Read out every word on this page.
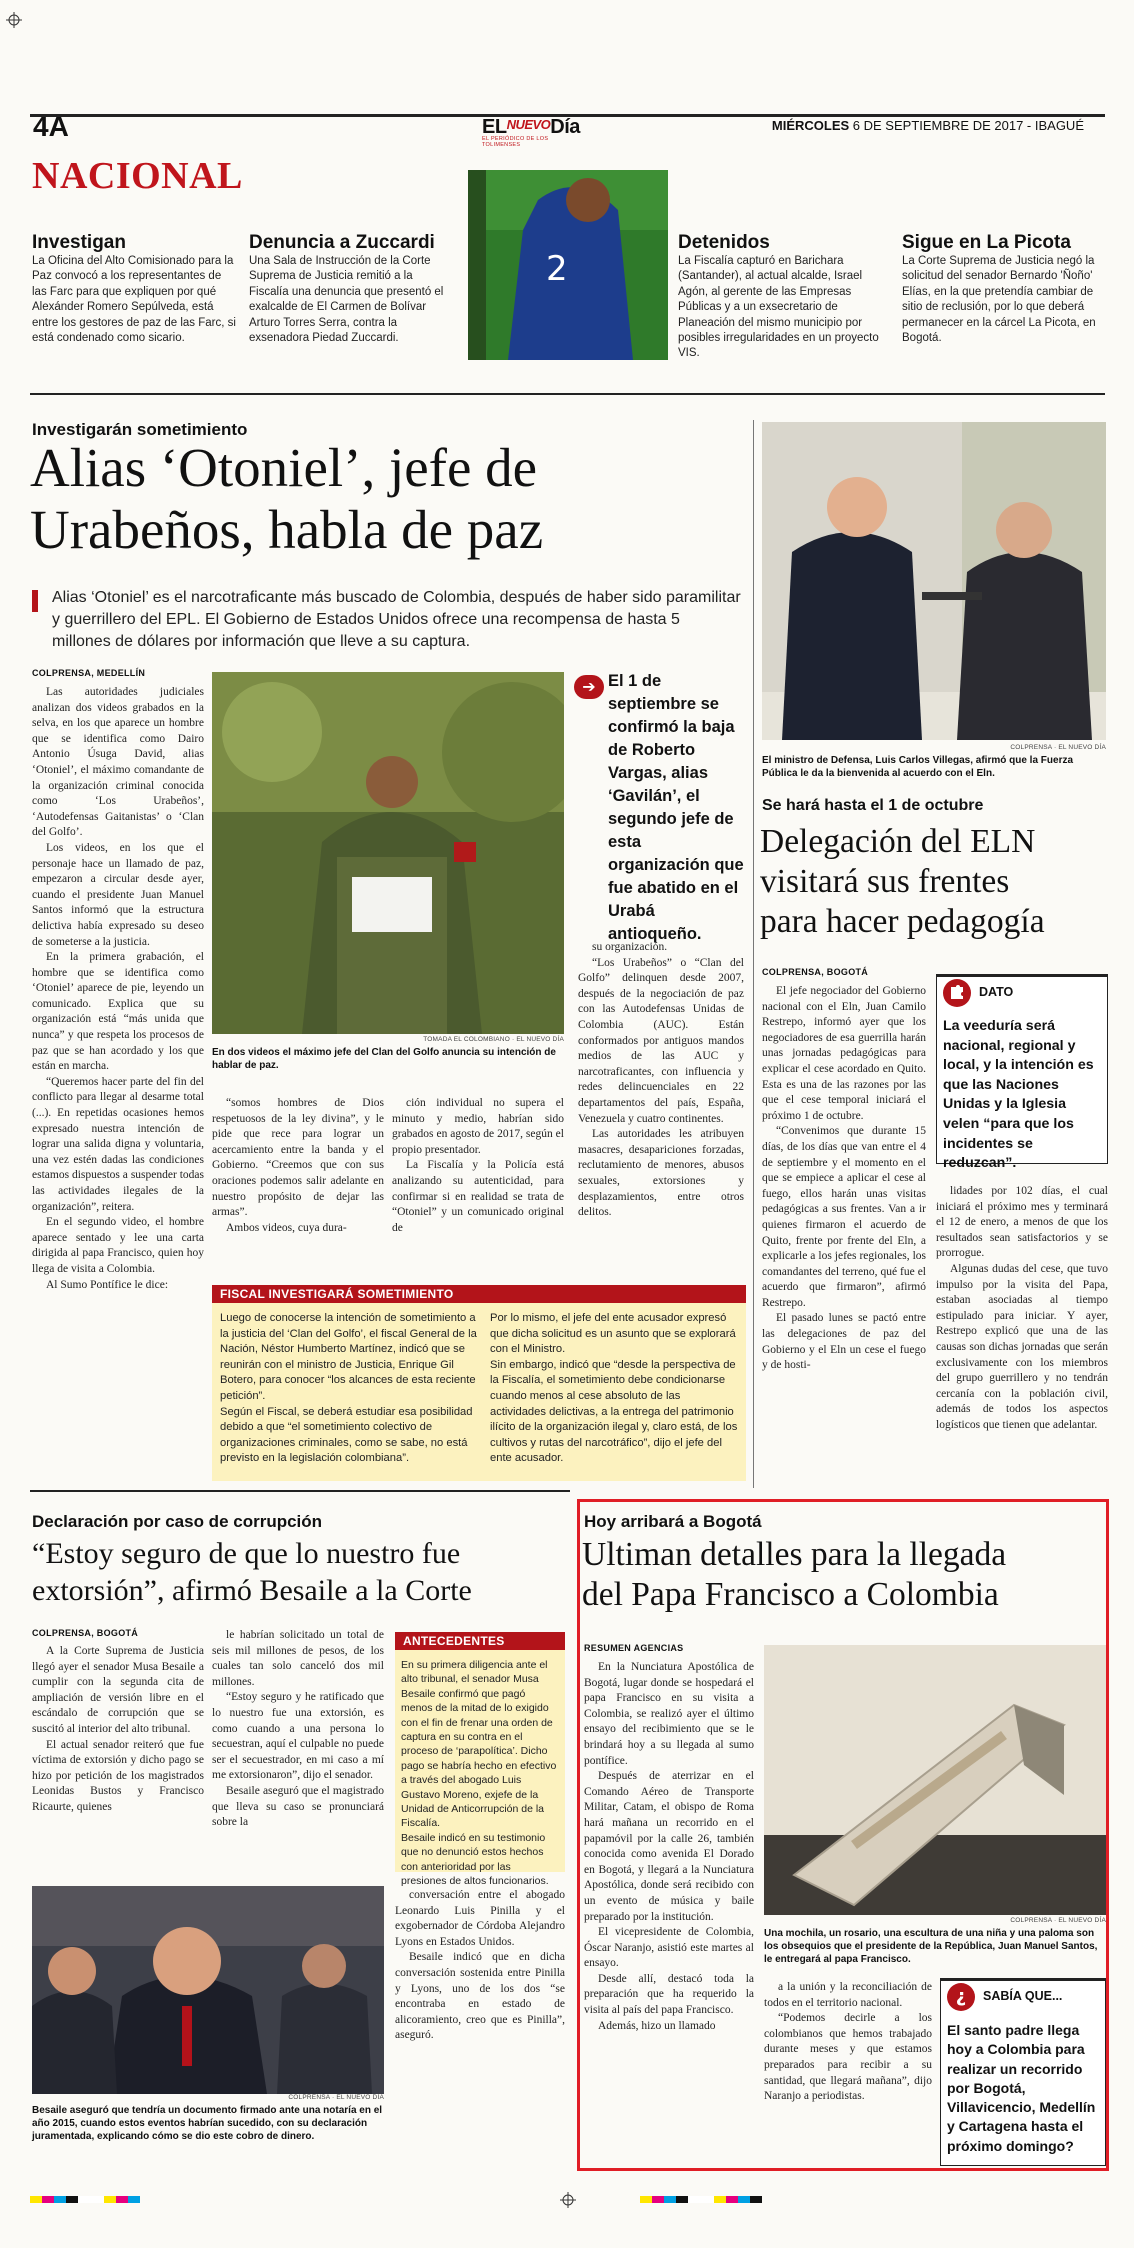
4A	$EL^{NUEVO}Día$
EL PERIÓDICO DE LOS TOLIMENSES
MIÉRCOLES 6 DE SEPTIEMBRE DE 2017 - IBAGUÉ
NACIONAL
Investigan
La Oficina del Alto Comisionado para la Paz convocó a los representantes de las Farc para que expliquen por qué Alexánder Romero Sepúlveda, está entre los gestores de paz de las Farc, si está condenado como sicario.
Denuncia a Zuccardi
Una Sala de Instrucción de la Corte Suprema de Justicia remitió a la Fiscalía una denuncia que presentó el exalcalde de El Carmen de Bolívar Arturo Torres Serra, contra la exsenadora Piedad Zuccardi.
2
Detenidos
La Fiscalía capturó en Barichara (Santander), al actual alcalde, Israel Agón, al gerente de las Empresas Públicas y a un exsecretario de Planeación del mismo municipio por posibles irregularidades en un proyecto VIS.
Sigue en La Picota
La Corte Suprema de Justicia negó la solicitud del senador Bernardo 'Ñoño' Elías, en la que pretendía cambiar de sitio de reclusión, por lo que deberá permanecer en la cárcel La Picota, en Bogotá.
Investigarán sometimiento
Alias ‘Otoniel’, jefe de
Urabeños, habla de paz
Alias ‘Otoniel’ es el narcotraficante más buscado de Colombia, después de haber sido paramilitar y guerrillero del EPL. El Gobierno de Estados Unidos ofrece una recompensa de hasta 5 millones de dólares por información que lleve a su captura.
COLPRENSA, MEDELLÍN

Las autoridades judiciales analizan dos videos grabados en la selva, en los que aparece un hombre que se identifica como Dairo Antonio Úsuga David, alias ‘Otoniel’, el máximo comandante de la organización criminal conocida como ‘Los Urabeños’, ‘Autodefensas Gaitanistas’ o ‘Clan del Golfo’.

Los videos, en los que el personaje hace un llamado de paz, empezaron a circular desde ayer, cuando el presidente Juan Manuel Santos informó que la estructura delictiva había expresado su deseo de someterse a la justicia.

En la primera grabación, el hombre que se identifica como ‘Otoniel’ aparece de pie, leyendo un comunicado. Explica que su organización está “más unida que nunca” y que respeta los procesos de paz que se han acordado y los que están en marcha.

“Queremos hacer parte del fin del conflicto para llegar al desarme total (...). En repetidas ocasiones hemos expresado nuestra intención de lograr una salida digna y voluntaria, una vez estén dadas las condiciones estamos dispuestos a suspender todas las actividades ilegales de la organización”, reitera.

En el segundo video, el hombre aparece sentado y lee una carta dirigida al papa Francisco, quien hoy llega de visita a Colombia.

Al Sumo Pontífice le dice:

TOMADA EL COLOMBIANO · EL NUEVO DÍA
En dos videos el máximo jefe del Clan del Golfo anuncia su intención de hablar de paz.

“somos hombres de Dios respetuosos de la ley divina”, y le pide que rece para lograr un acercamiento entre la banda y el Gobierno. “Creemos que con sus oraciones podemos salir adelante en nuestro propósito de dejar las armas”.

Ambos videos, cuya dura-

ción individual no supera el minuto y medio, habrían sido grabados en agosto de 2017, según el propio presentador.

La Fiscalía y la Policía está analizando su autenticidad, para confirmar si en realidad se trata de “Otoniel” y un comunicado original de

➔ El 1 de septiembre se confirmó la baja de Roberto Vargas, alias ‘Gavilán’, el segundo jefe de esta organización que fue abatido en el Urabá antioqueño.

su organización.

“Los Urabeños” o “Clan del Golfo” delinquen desde 2007, después de la negociación de paz con las Autodefensas Unidas de Colombia (AUC). Están conformados por antiguos mandos medios de las AUC y narcotraficantes, con influencia y redes delincuenciales en 22 departamentos del país, España, Venezuela y cuatro continentes.

Las autoridades les atribuyen masacres, desapariciones forzadas, reclutamiento de menores, abusos sexuales, extorsiones y desplazamientos, entre otros delitos.

FISCAL INVESTIGARÁ SOMETIMIENTO

Luego de conocerse la intención de sometimiento a la justicia del ‘Clan del Golfo’, el fiscal General de la Nación, Néstor Humberto Martínez, indicó que se reunirán con el ministro de Justicia, Enrique Gil Botero, para conocer “los alcances de esta reciente petición”.

Según el Fiscal, se deberá estudiar esa posibilidad debido a que “el sometimiento colectivo de organizaciones criminales, como se sabe, no está previsto en la legislación colombiana”.

Por lo mismo, el jefe del ente acusador expresó que dicha solicitud es un asunto que se explorará con el Ministro.

Sin embargo, indicó que “desde la perspectiva de la Fiscalía, el sometimiento debe condicionarse cuando menos al cese absoluto de las actividades delictivas, a la entrega del patrimonio ilícito de la organización ilegal y, claro está, de los cultivos y rutas del narcotráfico”, dijo el jefe del ente acusador.

COLPRENSA · EL NUEVO DÍA
El ministro de Defensa, Luis Carlos Villegas, afirmó que la Fuerza Pública le da la bienvenida al acuerdo con el Eln.
Se hará hasta el 1 de octubre
Delegación del ELN
visitará sus frentes
para hacer pedagogía
COLPRENSA, BOGOTÁ

El jefe negociador del Gobierno nacional con el Eln, Juan Camilo Restrepo, informó ayer que los negociadores de esa guerrilla harán unas jornadas pedagógicas para explicar el cese acordado en Quito. Esta es una de las razones por las que el cese temporal iniciará el próximo 1 de octubre.

“Convenimos que durante 15 días, de los días que van entre el 4 de septiembre y el momento en el que se empiece a aplicar el cese al fuego, ellos harán unas visitas pedagógicas a sus frentes. Van a ir quienes firmaron el acuerdo de Quito, frente por frente del Eln, a explicarle a los jefes regionales, los comandantes del terreno, qué fue el acuerdo que firmaron”, afirmó Restrepo.

El pasado lunes se pactó entre las delegaciones de paz del Gobierno y el Eln un cese el fuego y de hosti-

DATO
La veeduría será nacional, regional y local, y la intención es que las Naciones Unidas y la Iglesia velen “para que los incidentes se reduzcan”.

lidades por 102 días, el cual iniciará el próximo mes y terminará el 12 de enero, a menos de que los resultados sean satisfactorios y se prorrogue.

Algunas dudas del cese, que tuvo impulso por la visita del Papa, estaban asociadas al tiempo estipulado para iniciar. Y ayer, Restrepo explicó que una de las causas son dichas jornadas que serán exclusivamente con los miembros del grupo guerrillero y no tendrán cercanía con la población civil, además de todos los aspectos logísticos que tienen que adelantar.

Declaración por caso de corrupción
“Estoy seguro de que lo nuestro fue
extorsión”, afirmó Besaile a la Corte
COLPRENSA, BOGOTÁ

A la Corte Suprema de Justicia llegó ayer el senador Musa Besaile a cumplir con la segunda cita de ampliación de versión libre en el escándalo de corrupción que se suscitó al interior del alto tribunal.

El actual senador reiteró que fue víctima de extorsión y dicho pago se hizo por petición de los magistrados Leonidas Bustos y Francisco Ricaurte, quienes

le habrían solicitado un total de seis mil millones de pesos, de los cuales tan solo canceló dos mil millones.

“Estoy seguro y he ratificado que lo nuestro fue una extorsión, es como cuando a una persona lo secuestran, aquí el culpable no puede ser el secuestrador, en mi caso a mí me extorsionaron”, dijo el senador.

Besaile aseguró que el magistrado que lleva su caso se pronunciará sobre la

ANTECEDENTES

En su primera diligencia ante el alto tribunal, el senador Musa Besaile confirmó que pagó menos de la mitad de lo exigido con el fin de frenar una orden de captura en su contra en el proceso de ‘parapolítica’. Dicho pago se habría hecho en efectivo a través del abogado Luis Gustavo Moreno, exjefe de la Unidad de Anticorrupción de la Fiscalía.

Besaile indicó en su testimonio que no denunció estos hechos con anterioridad por las presiones de altos funcionarios.

COLPRENSA · EL NUEVO DÍA
Besaile aseguró que tendría un documento firmado ante una notaría en el año 2015, cuando estos eventos habrían sucedido, con su declaración juramentada, explicando cómo se dio este cobro de dinero.

conversación entre el abogado Leonardo Luis Pinilla y el exgobernador de Córdoba Alejandro Lyons en Estados Unidos.

Besaile indicó que en dicha conversación sostenida entre Pinilla y Lyons, uno de los dos “se encontraba en estado de alicoramiento, creo que es Pinilla”, aseguró.

Hoy arribará a Bogotá
Ultiman detalles para la llegada
del Papa Francisco a Colombia
RESUMEN AGENCIAS

En la Nunciatura Apostólica de Bogotá, lugar donde se hospedará el papa Francisco en su visita a Colombia, se realizó ayer el último ensayo del recibimiento que se le brindará hoy a su llegada al sumo pontífice.

Después de aterrizar en el Comando Aéreo de Transporte Militar, Catam, el obispo de Roma hará mañana un recorrido en el papamóvil por la calle 26, también conocida como avenida El Dorado en Bogotá, y llegará a la Nunciatura Apostólica, donde será recibido con un evento de música y baile preparado por la institución.

El vicepresidente de Colombia, Óscar Naranjo, asistió este martes al ensayo.

Desde allí, destacó toda la preparación que ha requerido la visita al país del papa Francisco.

Además, hizo un llamado

COLPRENSA · EL NUEVO DÍA
Una mochila, un rosario, una escultura de una niña y una paloma son los obsequios que el presidente de la República, Juan Manuel Santos, le entregará al papa Francisco.

a la unión y la reconciliación de todos en el territorio nacional.

“Podemos decirle a los colombianos que hemos trabajado durante meses y que estamos preparados para recibir a su santidad, que llegará mañana”, dijo Naranjo a periodistas.

¿	SABÍA QUE...
El santo padre llega hoy a Colombia para realizar un recorrido por Bogotá, Villavicencio, Medellín y Cartagena hasta el próximo domingo?
